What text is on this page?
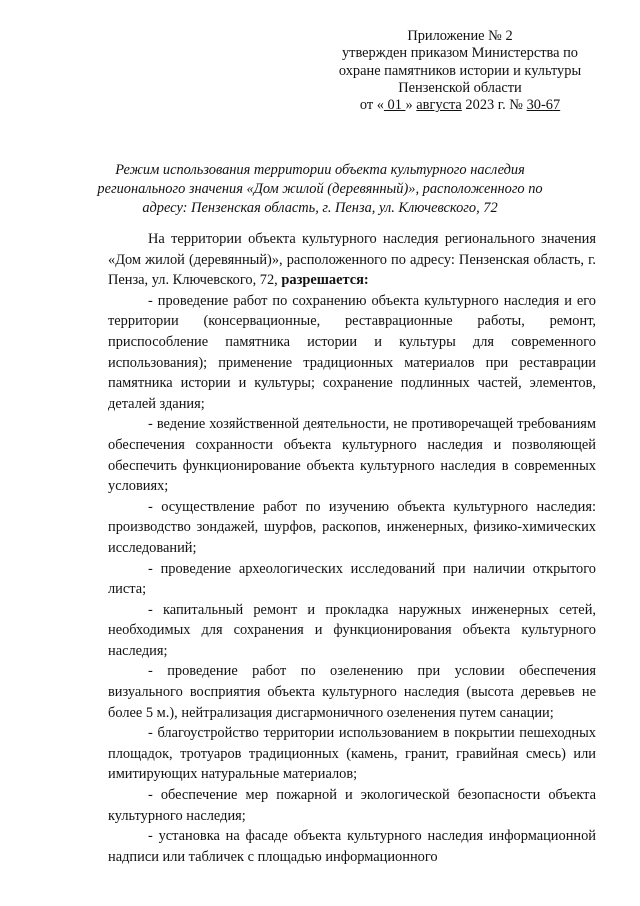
Приложение № 2
утвержден приказом Министерства по
охране памятников истории и культуры
Пензенской области
от « 01 » августа 2023 г. № 30-67
Режим использования территории объекта культурного наследия регионального значения «Дом жилой (деревянный)», расположенного по адресу: Пензенская область, г. Пенза, ул. Ключевского, 72

На территории объекта культурного наследия регионального значения «Дом жилой (деревянный)», расположенного по адресу: Пензенская область, г. Пенза, ул. Ключевского, 72, разрешается:

- проведение работ по сохранению объекта культурного наследия и его территории (консервационные, реставрационные работы, ремонт, приспособление памятника истории и культуры для современного использования); применение традиционных материалов при реставрации памятника истории и культуры; сохранение подлинных частей, элементов, деталей здания;

- ведение хозяйственной деятельности, не противоречащей требованиям обеспечения сохранности объекта культурного наследия и позволяющей обеспечить функционирование объекта культурного наследия в современных условиях;

- осуществление работ по изучению объекта культурного наследия: производство зондажей, шурфов, раскопов, инженерных, физико-химических исследований;

- проведение археологических исследований при наличии открытого листа;

- капитальный ремонт и прокладка наружных инженерных сетей, необходимых для сохранения и функционирования объекта культурного наследия;

- проведение работ по озеленению при условии обеспечения визуального восприятия объекта культурного наследия (высота деревьев не более 5 м.), нейтрализация дисгармоничного озеленения путем санации;

- благоустройство территории использованием в покрытии пешеходных площадок, тротуаров традиционных (камень, гранит, гравийная смесь) или имитирующих натуральные материалов;

- обеспечение мер пожарной и экологической безопасности объекта культурного наследия;

- установка на фасаде объекта культурного наследия информационной надписи или табличек с площадью информационного
